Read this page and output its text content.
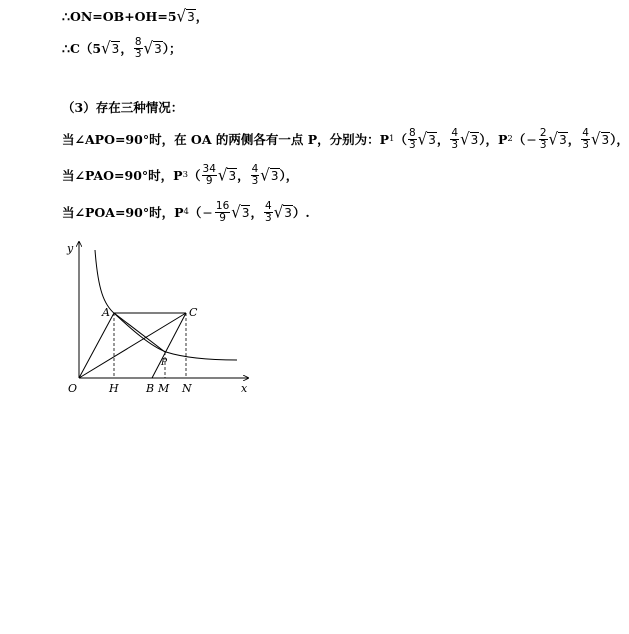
∴ON=OB+OH=5 √ 3 ，
∴C（5 √ 3 ， $\frac{8}{3}$ √ 3 ）；
（3）存在三种情况：
当∠APO=90°时，在 OA 的两侧各有一点 P，分别为：P 1 （ $\frac{8}{3}$ √ 3 ， $\frac{4}{3}$ √ 3 ），P 2 （ − $\frac{2}{3}$ √ 3 ， $\frac{4}{3}$ √ 3 ），
当∠PAO=90°时，P 3 （ $\frac{34}{9}$ √ 3 ， $\frac{4}{3}$ √ 3 ），
当∠POA=90°时，P 4 （ − $\frac{16}{9}$ √ 3 ， $\frac{4}{3}$ √ 3 ）.
y
x
O	H B M N
A	C
P
